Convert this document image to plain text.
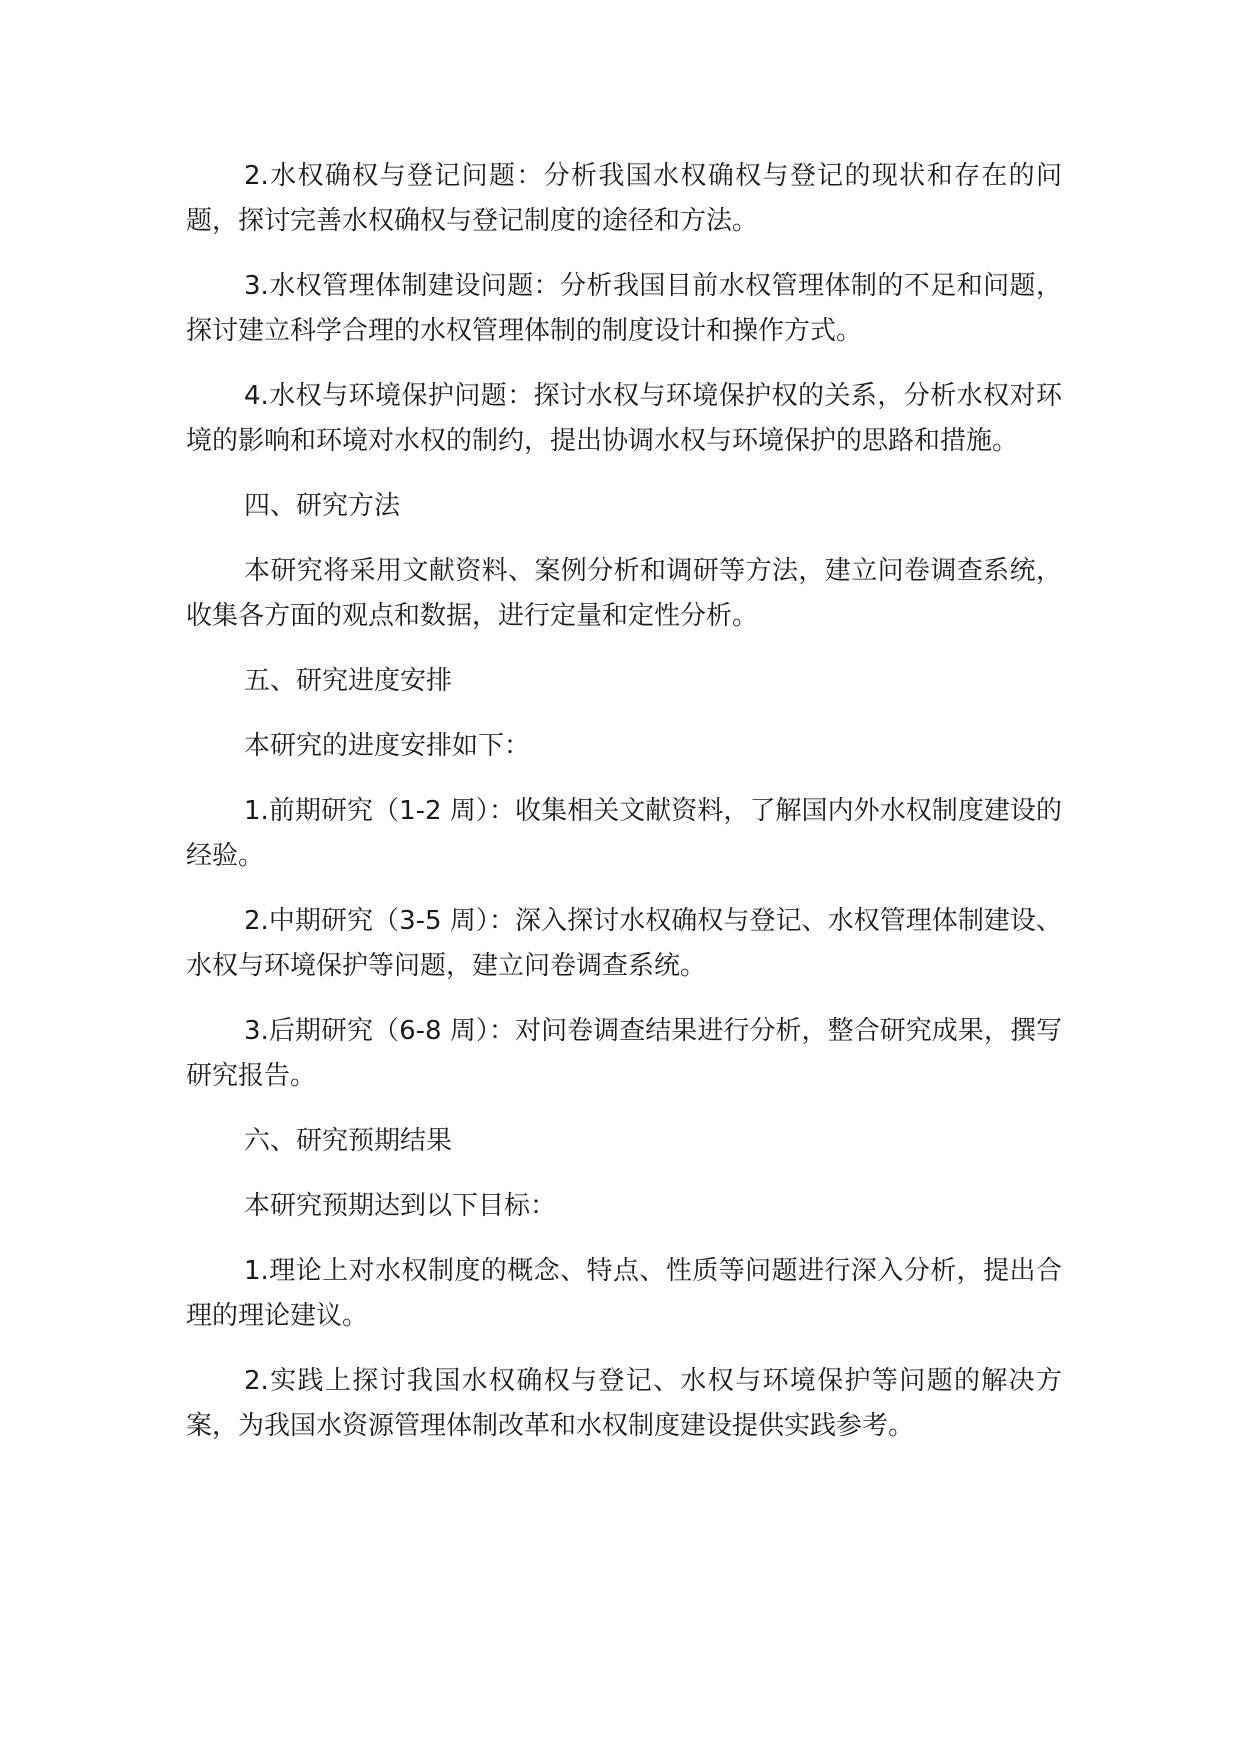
2.水权确权与登记问题：分析我国水权确权与登记的现状和存在的问题，探讨完善水权确权与登记制度的途径和方法。

3.水权管理体制建设问题：分析我国目前水权管理体制的不足和问题，探讨建立科学合理的水权管理体制的制度设计和操作方式。

4.水权与环境保护问题：探讨水权与环境保护权的关系，分析水权对环境的影响和环境对水权的制约，提出协调水权与环境保护的思路和措施。

四、研究方法

本研究将采用文献资料、案例分析和调研等方法，建立问卷调查系统，收集各方面的观点和数据，进行定量和定性分析。

五、研究进度安排

本研究的进度安排如下：

1.前期研究（1-2 周）：收集相关文献资料，了解国内外水权制度建设的经验。

2.中期研究（3-5 周）：深入探讨水权确权与登记、水权管理体制建设、水权与环境保护等问题，建立问卷调查系统。

3.后期研究（6-8 周）：对问卷调查结果进行分析，整合研究成果，撰写研究报告。

六、研究预期结果

本研究预期达到以下目标：

1.理论上对水权制度的概念、特点、性质等问题进行深入分析，提出合理的理论建议。

2.实践上探讨我国水权确权与登记、水权与环境保护等问题的解决方案，为我国水资源管理体制改革和水权制度建设提供实践参考。
